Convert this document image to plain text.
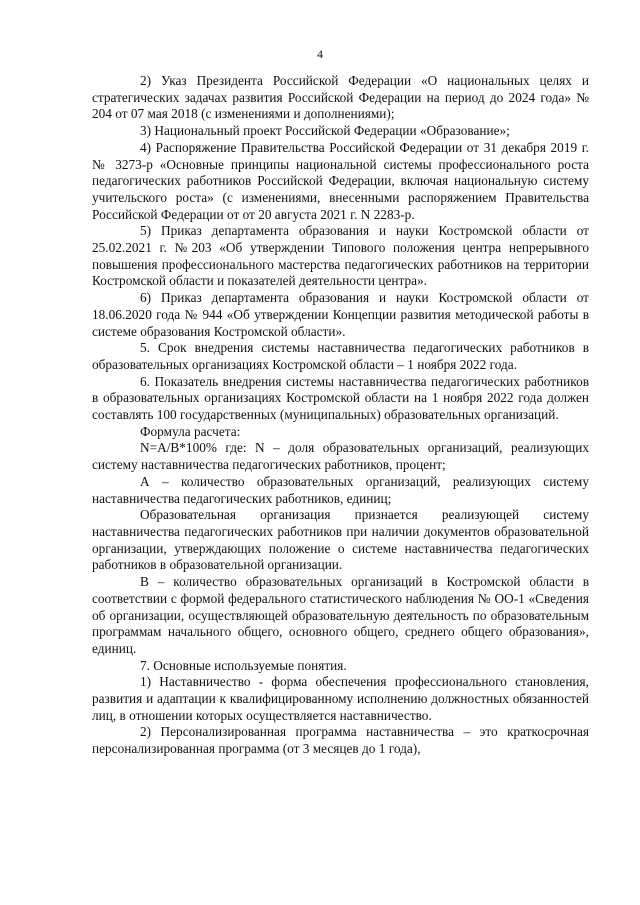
4

2) Указ Президента Российской Федерации «О национальных целях и стратегических задачах развития Российской Федерации на период до 2024 года» № 204 от 07 мая 2018 (с изменениями и дополнениями);

3) Национальный проект Российской Федерации «Образование»;

4) Распоряжение Правительства Российской Федерации от 31 декабря 2019 г. № 3273-р «Основные принципы национальной системы профессионального роста педагогических работников Российской Федерации, включая национальную систему учительского роста» (с изменениями, внесенными распоряжением Правительства Российской Федерации от от 20 августа 2021 г. N 2283-р.

5) Приказ департамента образования и науки Костромской области от 25.02.2021 г. №203 «Об утверждении Типового положения центра непрерывного повышения профессионального мастерства педагогических работников на территории Костромской области и показателей деятельности центра».

6) Приказ департамента образования и науки Костромской области от 18.06.2020 года № 944 «Об утверждении Концепции развития методической работы в системе образования Костромской области».

5. Срок внедрения системы наставничества педагогических работников в образовательных организациях Костромской области – 1 ноября 2022 года.

6. Показатель внедрения системы наставничества педагогических работников в образовательных организациях Костромской области на 1 ноября 2022 года должен составлять 100 государственных (муниципальных) образовательных организаций.

Формула расчета:

N=A/B*100% где: N – доля образовательных организаций, реализующих систему наставничества педагогических работников, процент;

А – количество образовательных организаций, реализующих систему наставничества педагогических работников, единиц;

Образовательная организация признается реализующей систему наставничества педагогических работников при наличии документов образовательной организации, утверждающих положение о системе наставничества педагогических работников в образовательной организации.

В – количество образовательных организаций в Костромской области в соответствии с формой федерального статистического наблюдения № ОО-1 «Сведения об организации, осуществляющей образовательную деятельность по образовательным программам начального общего, основного общего, среднего общего образования», единиц.

7. Основные используемые понятия.

1) Наставничество - форма обеспечения профессионального становления, развития и адаптации к квалифицированному исполнению должностных обязанностей лиц, в отношении которых осуществляется наставничество.

2) Персонализированная программа наставничества – это краткосрочная персонализированная программа (от 3 месяцев до 1 года),
